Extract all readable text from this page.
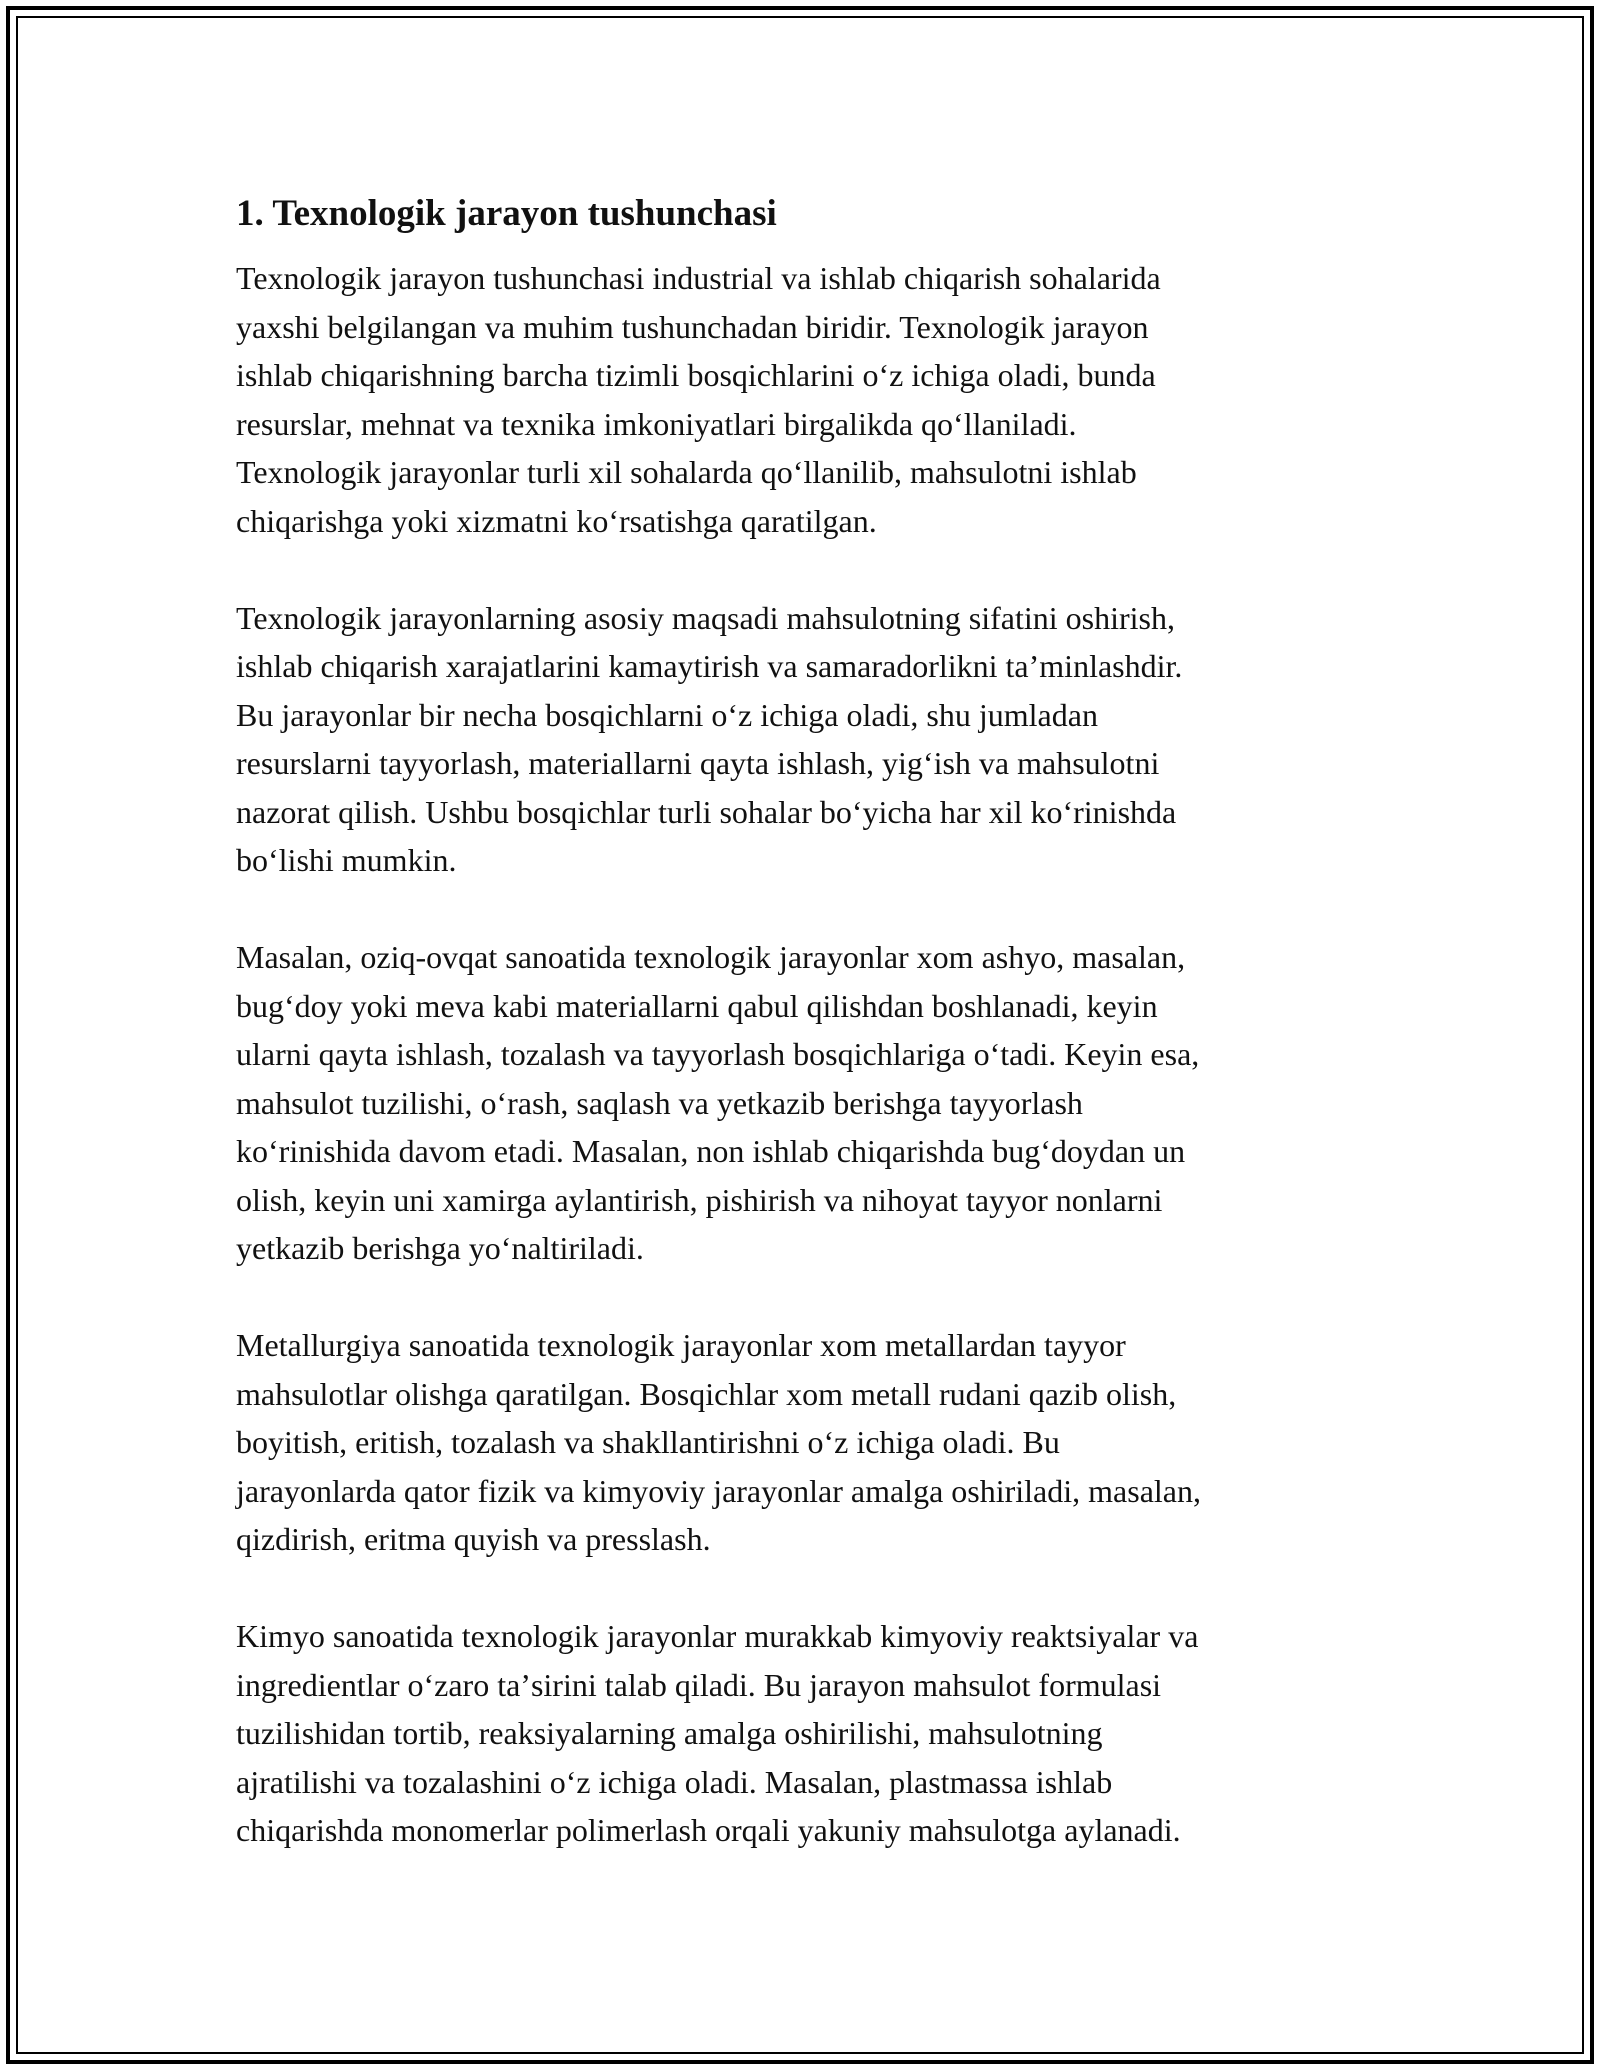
1. Texnologik jarayon tushunchasi

Texnologik jarayon tushunchasi industrial va ishlab chiqarish sohalarida
yaxshi belgilangan va muhim tushunchadan biridir. Texnologik jarayon
ishlab chiqarishning barcha tizimli bosqichlarini oʻz ichiga oladi, bunda
resurslar, mehnat va texnika imkoniyatlari birgalikda qoʻllaniladi.
Texnologik jarayonlar turli xil sohalarda qoʻllanilib, mahsulotni ishlab
chiqarishga yoki xizmatni koʻrsatishga qaratilgan.

Texnologik jarayonlarning asosiy maqsadi mahsulotning sifatini oshirish,
ishlab chiqarish xarajatlarini kamaytirish va samaradorlikni taʼminlashdir.
Bu jarayonlar bir necha bosqichlarni oʻz ichiga oladi, shu jumladan
resurslarni tayyorlash, materiallarni qayta ishlash, yigʻish va mahsulotni
nazorat qilish. Ushbu bosqichlar turli sohalar boʻyicha har xil koʻrinishda
boʻlishi mumkin.

Masalan, oziq-ovqat sanoatida texnologik jarayonlar xom ashyo, masalan,
bugʻdoy yoki meva kabi materiallarni qabul qilishdan boshlanadi, keyin
ularni qayta ishlash, tozalash va tayyorlash bosqichlariga oʻtadi. Keyin esa,
mahsulot tuzilishi, oʻrash, saqlash va yetkazib berishga tayyorlash
koʻrinishida davom etadi. Masalan, non ishlab chiqarishda bugʻdoydan un
olish, keyin uni xamirga aylantirish, pishirish va nihoyat tayyor nonlarni
yetkazib berishga yoʻnaltiriladi.

Metallurgiya sanoatida texnologik jarayonlar xom metallardan tayyor
mahsulotlar olishga qaratilgan. Bosqichlar xom metall rudani qazib olish,
boyitish, eritish, tozalash va shakllantirishni oʻz ichiga oladi. Bu
jarayonlarda qator fizik va kimyoviy jarayonlar amalga oshiriladi, masalan,
qizdirish, eritma quyish va presslash.

Kimyo sanoatida texnologik jarayonlar murakkab kimyoviy reaktsiyalar va
ingredientlar oʻzaro taʼsirini talab qiladi. Bu jarayon mahsulot formulasi
tuzilishidan tortib, reaksiyalarning amalga oshirilishi, mahsulotning
ajratilishi va tozalashini oʻz ichiga oladi. Masalan, plastmassa ishlab
chiqarishda monomerlar polimerlash orqali yakuniy mahsulotga aylanadi.
